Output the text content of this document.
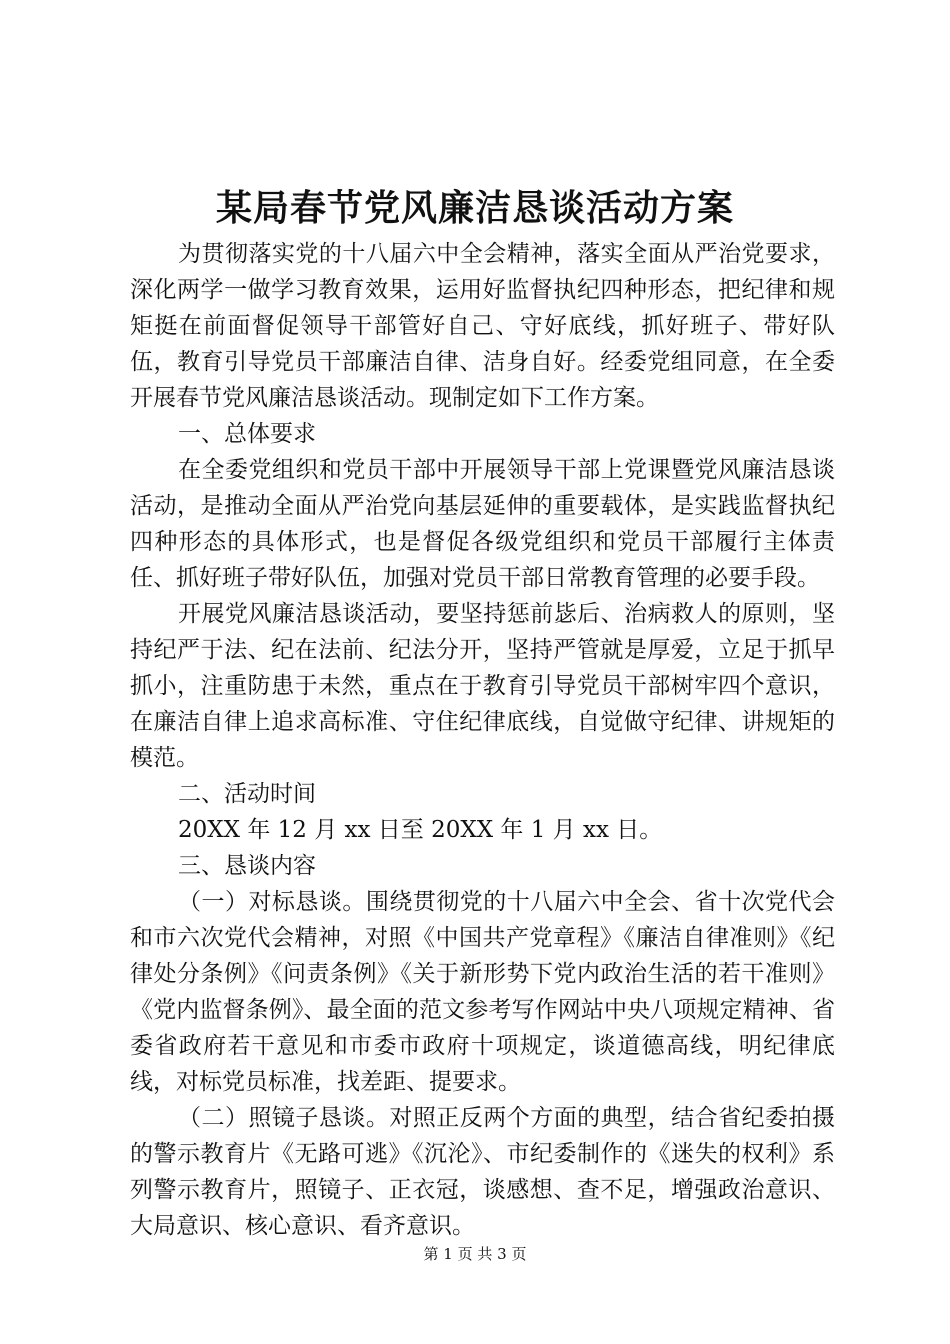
某局春节党风廉洁恳谈活动方案

为贯彻落实党的十八届六中全会精神，落实全面从严治党要求，深化两学一做学习教育效果，运用好监督执纪四种形态，把纪律和规矩挺在前面督促领导干部管好自己、守好底线，抓好班子、带好队伍，教育引导党员干部廉洁自律、洁身自好。经委党组同意，在全委开展春节党风廉洁恳谈活动。现制定如下工作方案。

一、总体要求

在全委党组织和党员干部中开展领导干部上党课暨党风廉洁恳谈活动，是推动全面从严治党向基层延伸的重要载体，是实践监督执纪四种形态的具体形式，也是督促各级党组织和党员干部履行主体责任、抓好班子带好队伍，加强对党员干部日常教育管理的必要手段。

开展党风廉洁恳谈活动，要坚持惩前毖后、治病救人的原则，坚持纪严于法、纪在法前、纪法分开，坚持严管就是厚爱，立足于抓早抓小，注重防患于未然，重点在于教育引导党员干部树牢四个意识，在廉洁自律上追求高标准、守住纪律底线，自觉做守纪律、讲规矩的模范。

二、活动时间

20XX 年 12 月 xx 日至 20XX 年 1 月 xx 日。

三、恳谈内容

（一）对标恳谈。围绕贯彻党的十八届六中全会、省十次党代会和市六次党代会精神，对照《中国共产党章程》《廉洁自律准则》《纪律处分条例》《问责条例》《关于新形势下党内政治生活的若干准则》《党内监督条例》、最全面的范文参考写作网站中央八项规定精神、省委省政府若干意见和市委市政府十项规定，谈道德高线，明纪律底线，对标党员标准，找差距、提要求。

（二）照镜子恳谈。对照正反两个方面的典型，结合省纪委拍摄的警示教育片《无路可逃》《沉沦》、市纪委制作的《迷失的权利》系列警示教育片，照镜子、正衣冠，谈感想、查不足，增强政治意识、大局意识、核心意识、看齐意识。

第 1 页 共 3 页
